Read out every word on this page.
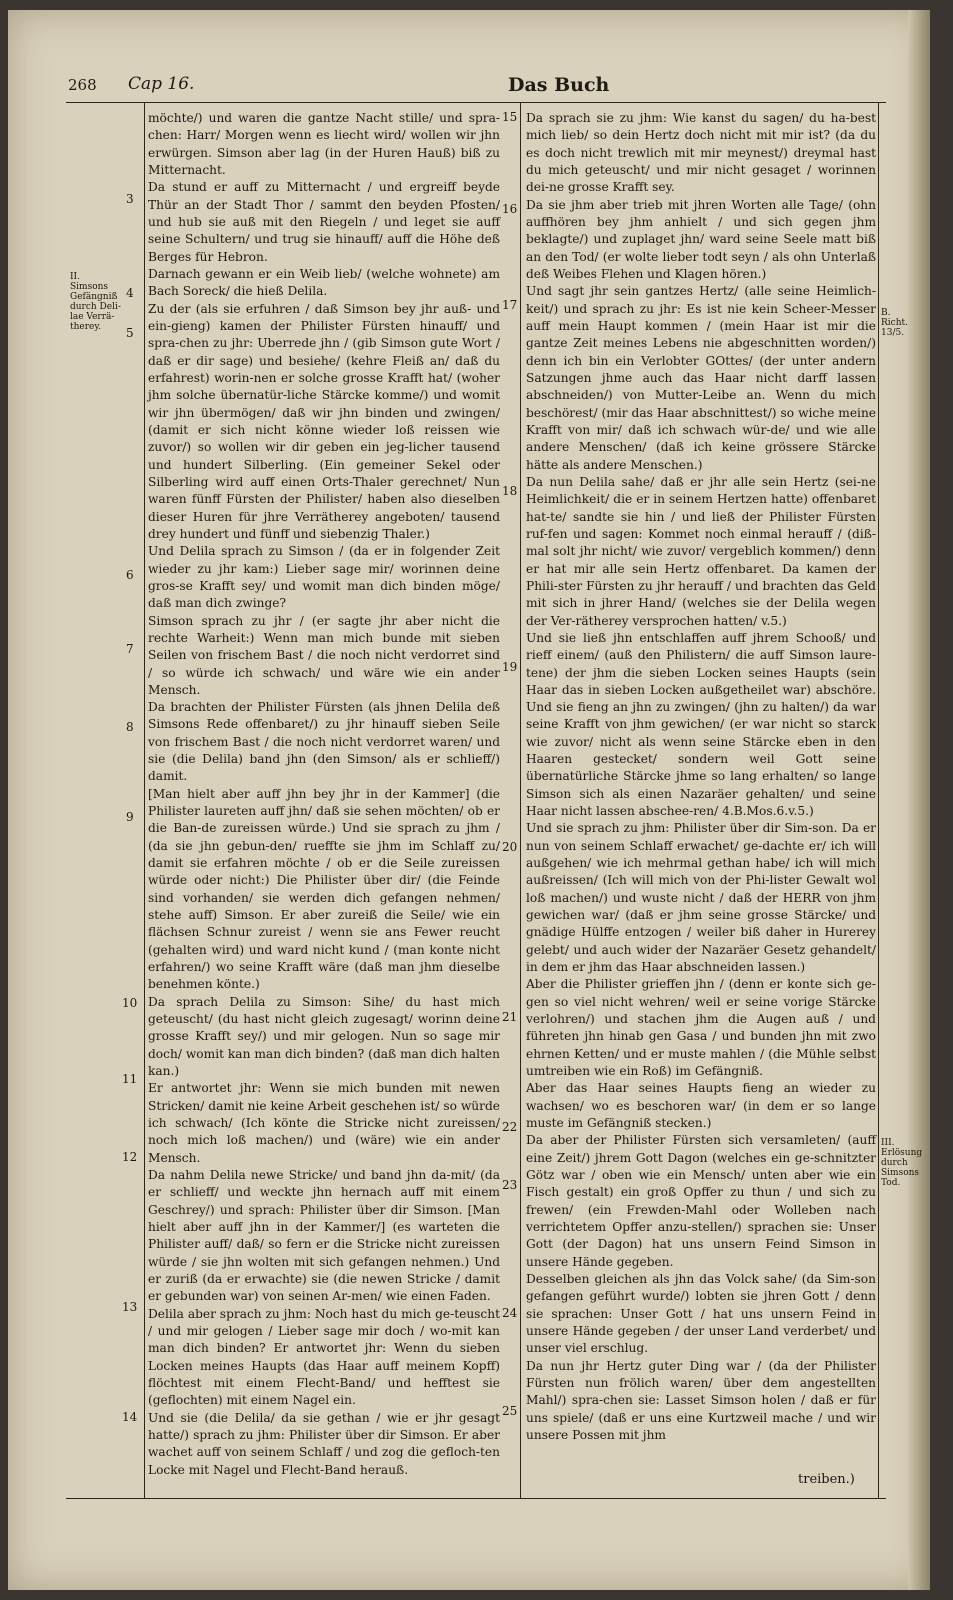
268 Cap 16.	Das Buch
3
4
5
6
7
8
9
10
11
12
13
14
II.
Simsons
Gefängniß
durch Deli-
lae Verrä-
therey.
15
16
17
18
19
20
21
22
23
24
25
B. Richt.
13/5.
III.
Erlösung
durch
Simsons
Tod.

möchte/) und waren die gantze Nacht stille/ und spra-chen: Harr/ Morgen wenn es liecht wird/ wollen wir jhn erwürgen. Simson aber lag (in der Huren Hauß) biß zu Mitternacht.

Da stund er auff zu Mitternacht / und ergreiff beyde Thür an der Stadt Thor / sammt den beyden Pfosten/ und hub sie auß mit den Riegeln / und leget sie auff seine Schultern/ und trug sie hinauff/ auff die Höhe deß Berges für Hebron.

Darnach gewann er ein Weib lieb/ (welche wohnete) am Bach Soreck/ die hieß Delila.

Zu der (als sie erfuhren / daß Simson bey jhr auß- und ein-gieng) kamen der Philister Fürsten hinauff/ und spra-chen zu jhr: Uberrede jhn / (gib Simson gute Wort / daß er dir sage) und besiehe/ (kehre Fleiß an/ daß du erfahrest) worin-nen er solche grosse Krafft hat/ (woher jhm solche übernatür-liche Stärcke komme/) und womit wir jhn übermögen/ daß wir jhn binden und zwingen/ (damit er sich nicht könne wieder loß reissen wie zuvor/) so wollen wir dir geben ein jeg-licher tausend und hundert Silberling. (Ein gemeiner Sekel oder Silberling wird auff einen Orts-Thaler gerechnet/ Nun waren fünff Fürsten der Philister/ haben also dieselben dieser Huren für jhre Verrätherey angeboten/ tausend drey hundert und fünff und siebenzig Thaler.)

Und Delila sprach zu Simson / (da er in folgender Zeit wieder zu jhr kam:) Lieber sage mir/ worinnen deine gros-se Krafft sey/ und womit man dich binden möge/ daß man dich zwinge?

Simson sprach zu jhr / (er sagte jhr aber nicht die rechte Warheit:) Wenn man mich bunde mit sieben Seilen von frischem Bast / die noch nicht verdorret sind / so würde ich schwach/ und wäre wie ein ander Mensch.

Da brachten der Philister Fürsten (als jhnen Delila deß Simsons Rede offenbaret/) zu jhr hinauff sieben Seile von frischem Bast / die noch nicht verdorret waren/ und sie (die Delila) band jhn (den Simson/ als er schlieff/) damit.

[Man hielt aber auff jhn bey jhr in der Kammer] (die Philister laureten auff jhn/ daß sie sehen möchten/ ob er die Ban-de zureissen würde.) Und sie sprach zu jhm / (da sie jhn gebun-den/ rueffte sie jhm im Schlaff zu/ damit sie erfahren möchte / ob er die Seile zureissen würde oder nicht:) Die Philister über dir/ (die Feinde sind vorhanden/ sie werden dich gefangen nehmen/ stehe auff) Simson. Er aber zureiß die Seile/ wie ein flächsen Schnur zureist / wenn sie ans Fewer reucht (gehalten wird) und ward nicht kund / (man konte nicht erfahren/) wo seine Krafft wäre (daß man jhm dieselbe benehmen könte.)

Da sprach Delila zu Simson: Sihe/ du hast mich geteuscht/ (du hast nicht gleich zugesagt/ worinn deine grosse Krafft sey/) und mir gelogen. Nun so sage mir doch/ womit kan man dich binden? (daß man dich halten kan.)

Er antwortet jhr: Wenn sie mich bunden mit newen Stricken/ damit nie keine Arbeit geschehen ist/ so würde ich schwach/ (Ich könte die Stricke nicht zureissen/ noch mich loß machen/) und (wäre) wie ein ander Mensch.

Da nahm Delila newe Stricke/ und band jhn da-mit/ (da er schlieff/ und weckte jhn hernach auff mit einem Geschrey/) und sprach: Philister über dir Simson. [Man hielt aber auff jhn in der Kammer/] (es warteten die Philister auff/ daß/ so fern er die Stricke nicht zureissen würde / sie jhn wolten mit sich gefangen nehmen.) Und er zuriß (da er erwachte) sie (die newen Stricke / damit er gebunden war) von seinen Ar-men/ wie einen Faden.

Delila aber sprach zu jhm: Noch hast du mich ge-teuscht / und mir gelogen / Lieber sage mir doch / wo-mit kan man dich binden? Er antwortet jhr: Wenn du sieben Locken meines Haupts (das Haar auff meinem Kopff) flöchtest mit einem Flecht-Band/ und hefftest sie (geflochten) mit einem Nagel ein.

Und sie (die Delila/ da sie gethan / wie er jhr gesagt hatte/) sprach zu jhm: Philister über dir Simson. Er aber wachet auff von seinem Schlaff / und zog die gefloch-ten Locke mit Nagel und Flecht-Band herauß.

Da sprach sie zu jhm: Wie kanst du sagen/ du ha-best mich lieb/ so dein Hertz doch nicht mit mir ist? (da du es doch nicht trewlich mit mir meynest/) dreymal hast du mich geteuscht/ und mir nicht gesaget / worinnen dei-ne grosse Krafft sey.

Da sie jhm aber trieb mit jhren Worten alle Tage/ (ohn auffhören bey jhm anhielt / und sich gegen jhm beklagte/) und zuplaget jhn/ ward seine Seele matt biß an den Tod/ (er wolte lieber todt seyn / als ohn Unterlaß deß Weibes Flehen und Klagen hören.)

Und sagt jhr sein gantzes Hertz/ (alle seine Heimlich-keit/) und sprach zu jhr: Es ist nie kein Scheer-Messer auff mein Haupt kommen / (mein Haar ist mir die gantze Zeit meines Lebens nie abgeschnitten worden/) denn ich bin ein Verlobter GOttes/ (der unter andern Satzungen jhme auch das Haar nicht darff lassen abschneiden/) von Mutter-Leibe an. Wenn du mich beschörest/ (mir das Haar abschnittest/) so wiche meine Krafft von mir/ daß ich schwach wür-de/ und wie alle andere Menschen/ (daß ich keine grössere Stärcke hätte als andere Menschen.)

Da nun Delila sahe/ daß er jhr alle sein Hertz (sei-ne Heimlichkeit/ die er in seinem Hertzen hatte) offenbaret hat-te/ sandte sie hin / und ließ der Philister Fürsten ruf-fen und sagen: Kommet noch einmal herauff / (diß-mal solt jhr nicht/ wie zuvor/ vergeblich kommen/) denn er hat mir alle sein Hertz offenbaret. Da kamen der Phili-ster Fürsten zu jhr herauff / und brachten das Geld mit sich in jhrer Hand/ (welches sie der Delila wegen der Ver-rätherey versprochen hatten/ v.5.)

Und sie ließ jhn entschlaffen auff jhrem Schooß/ und rieff einem/ (auß den Philistern/ die auff Simson laure-tene) der jhm die sieben Locken seines Haupts (sein Haar das in sieben Locken außgetheilet war) abschöre. Und sie fieng an jhn zu zwingen/ (jhn zu halten/) da war seine Krafft von jhm gewichen/ (er war nicht so starck wie zuvor/ nicht als wenn seine Stärcke eben in den Haaren gestecket/ sondern weil Gott seine übernatürliche Stärcke jhme so lang erhalten/ so lange Simson sich als einen Nazaräer gehalten/ und seine Haar nicht lassen abschee-ren/ 4.B.Mos.6.v.5.)

Und sie sprach zu jhm: Philister über dir Sim-son. Da er nun von seinem Schlaff erwachet/ ge-dachte er/ ich will außgehen/ wie ich mehrmal gethan habe/ ich will mich außreissen/ (Ich will mich von der Phi-lister Gewalt wol loß machen/) und wuste nicht / daß der HERR von jhm gewichen war/ (daß er jhm seine grosse Stärcke/ und gnädige Hülffe entzogen / weiler biß daher in Hurerey gelebt/ und auch wider der Nazaräer Gesetz gehandelt/ in dem er jhm das Haar abschneiden lassen.)

Aber die Philister grieffen jhn / (denn er konte sich ge-gen so viel nicht wehren/ weil er seine vorige Stärcke verlohren/) und stachen jhm die Augen auß / und führeten jhn hinab gen Gasa / und bunden jhn mit zwo ehrnen Ketten/ und er muste mahlen / (die Mühle selbst umtreiben wie ein Roß) im Gefängniß.

Aber das Haar seines Haupts fieng an wieder zu wachsen/ wo es beschoren war/ (in dem er so lange muste im Gefängniß stecken.)

Da aber der Philister Fürsten sich versamleten/ (auff eine Zeit/) jhrem Gott Dagon (welches ein ge-schnitzter Götz war / oben wie ein Mensch/ unten aber wie ein Fisch gestalt) ein groß Opffer zu thun / und sich zu frewen/ (ein Frewden-Mahl oder Wolleben nach verrichtetem Opffer anzu-stellen/) sprachen sie: Unser Gott (der Dagon) hat uns unsern Feind Simson in unsere Hände gegeben.

Desselben gleichen als jhn das Volck sahe/ (da Sim-son gefangen geführt wurde/) lobten sie jhren Gott / denn sie sprachen: Unser Gott / hat uns unsern Feind in unsere Hände gegeben / der unser Land verderbet/ und unser viel erschlug.

Da nun jhr Hertz guter Ding war / (da der Philister Fürsten nun frölich waren/ über dem angestellten Mahl/) spra-chen sie: Lasset Simson holen / daß er für uns spiele/ (daß er uns eine Kurtzweil mache / und wir unsere Possen mit jhm

treiben.)
